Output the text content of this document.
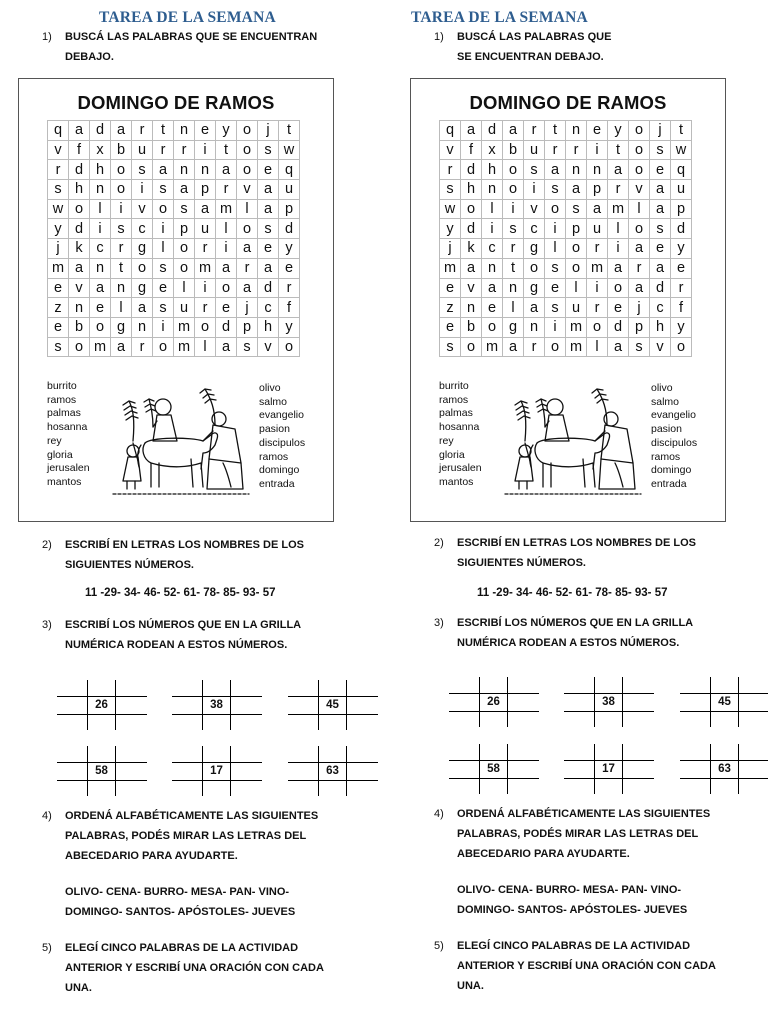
TAREA DE LA SEMANA
1)	BUSCÁ LAS PALABRAS QUE SE ENCUENTRAN
DEBAJO.
DOMINGO DE RAMOS
q	a	d	a	r	t	n	e	y	o	j	t
v	f	x	b	u	r	r	i	t	o	s	w
r	d	h	o	s	a	n	n	a	o	e	q
s	h	n	o	i	s	a	p	r	v	a	u
w	o	l	i	v	o	s	a	m	l	a	p
y	d	i	s	c	i	p	u	l	o	s	d
j	k	c	r	g	l	o	r	i	a	e	y
m	a	n	t	o	s	o	m	a	r	a	e
e	v	a	n	g	e	l	i	o	a	d	r
z	n	e	l	a	s	u	r	e	j	c	f
e	b	o	g	n	i	m	o	d	p	h	y
s	o	m	a	r	o	m	l	a	s	v	o
burrito
ramos
palmas
hosanna
rey
gloria
jerusalen
mantos
olivo
salmo
evangelio
pasion
discipulos
ramos
domingo
entrada
2)	ESCRIBÍ EN LETRAS LOS NOMBRES DE LOS
SIGUIENTES NÚMEROS.
11 -29- 34- 46- 52- 61- 78- 85- 93- 57
3)	ESCRIBÍ LOS NÚMEROS QUE EN LA GRILLA
NUMÉRICA RODEAN A ESTOS NÚMEROS.
26	38	45
58	17	63
4)	ORDENÁ ALFABÉTICAMENTE LAS SIGUIENTES
PALABRAS, PODÉS MIRAR LAS LETRAS DEL
ABECEDARIO PARA AYUDARTE.
OLIVO- CENA- BURRO- MESA- PAN- VINO-
DOMINGO- SANTOS- APÓSTOLES- JUEVES
5)	ELEGÍ CINCO PALABRAS DE LA ACTIVIDAD
ANTERIOR Y ESCRIBÍ UNA ORACIÓN CON CADA
UNA.
TAREA DE LA SEMANA
1)	BUSCÁ LAS PALABRAS QUE
SE ENCUENTRAN DEBAJO.
DOMINGO DE RAMOS
q	a	d	a	r	t	n	e	y	o	j	t
v	f	x	b	u	r	r	i	t	o	s	w
r	d	h	o	s	a	n	n	a	o	e	q
s	h	n	o	i	s	a	p	r	v	a	u
w	o	l	i	v	o	s	a	m	l	a	p
y	d	i	s	c	i	p	u	l	o	s	d
j	k	c	r	g	l	o	r	i	a	e	y
m	a	n	t	o	s	o	m	a	r	a	e
e	v	a	n	g	e	l	i	o	a	d	r
z	n	e	l	a	s	u	r	e	j	c	f
e	b	o	g	n	i	m	o	d	p	h	y
s	o	m	a	r	o	m	l	a	s	v	o
burrito
ramos
palmas
hosanna
rey
gloria
jerusalen
mantos
olivo
salmo
evangelio
pasion
discipulos
ramos
domingo
entrada
2)	ESCRIBÍ EN LETRAS LOS NOMBRES DE LOS
SIGUIENTES NÚMEROS.
11 -29- 34- 46- 52- 61- 78- 85- 93- 57
3)	ESCRIBÍ LOS NÚMEROS QUE EN LA GRILLA
NUMÉRICA RODEAN A ESTOS NÚMEROS.
26	38	45
58	17	63
4)	ORDENÁ ALFABÉTICAMENTE LAS SIGUIENTES
PALABRAS, PODÉS MIRAR LAS LETRAS DEL
ABECEDARIO PARA AYUDARTE.
OLIVO- CENA- BURRO- MESA- PAN- VINO-
DOMINGO- SANTOS- APÓSTOLES- JUEVES
5)	ELEGÍ CINCO PALABRAS DE LA ACTIVIDAD
ANTERIOR Y ESCRIBÍ UNA ORACIÓN CON CADA
UNA.
